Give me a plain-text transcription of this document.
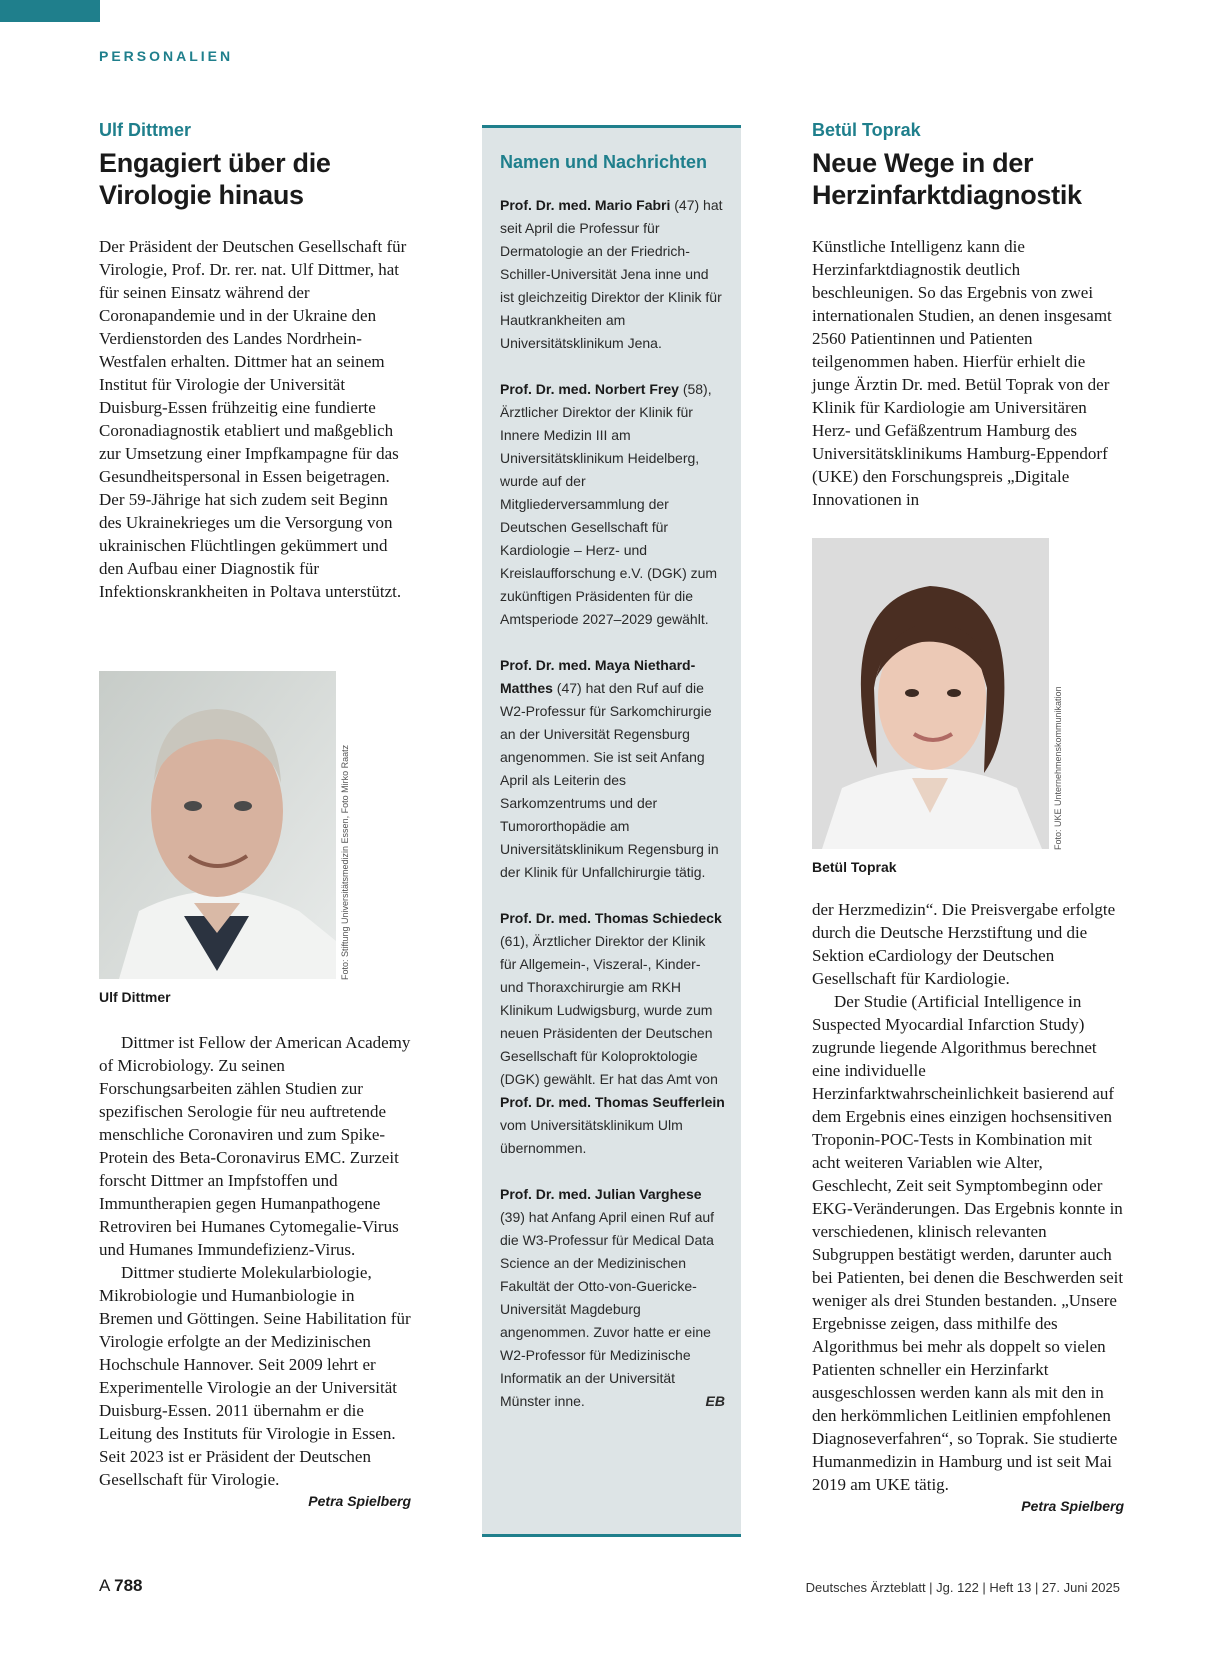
PERSONALIEN
Ulf Dittmer
Engagiert über die
Virologie hinaus

Der Präsident der Deutschen Gesellschaft für Virologie, Prof. Dr. rer. nat. Ulf Dittmer, hat für seinen Einsatz während der Coronapandemie und in der Ukraine den Verdienstorden des Landes Nordrhein-Westfalen erhalten. Dittmer hat an seinem Institut für Virologie der Universität Duisburg-Essen frühzeitig eine fundierte Coronadiagnostik etabliert und maßgeblich zur Umsetzung einer Impfkampagne für das Gesundheitspersonal in Essen beigetragen. Der 59-Jährige hat sich zudem seit Beginn des Ukrainekrieges um die Versorgung von ukrainischen Flüchtlingen gekümmert und den Aufbau einer Diagnostik für Infektionskrankheiten in Poltava unterstützt.

Foto: Stiftung Universitätsmedizin Essen, Foto Mirko Raatz
Ulf Dittmer

Dittmer ist Fellow der American Academy of Microbiology. Zu seinen Forschungsarbeiten zählen Studien zur spezifischen Serologie für neu auftretende menschliche Coronaviren und zum Spike-Protein des Beta-Coronavirus EMC. Zurzeit forscht Dittmer an Impfstoffen und Immuntherapien gegen Humanpathogene Retroviren bei Humanes Cytomegalie-Virus und Humanes Immundefizienz-Virus.

Dittmer studierte Molekularbiologie, Mikrobiologie und Humanbiologie in Bremen und Göttingen. Seine Habilitation für Virologie erfolgte an der Medizinischen Hochschule Hannover. Seit 2009 lehrt er Experimentelle Virologie an der Universität Duisburg-Essen. 2011 übernahm er die Leitung des Instituts für Virologie in Essen. Seit 2023 ist er Präsident der Deutschen Gesellschaft für Virologie.

Petra Spielberg
Namen und Nachrichten

Prof. Dr. med. Mario Fabri (47) hat seit April die Professur für Dermatologie an der Friedrich-Schiller-Universität Jena inne und ist gleichzeitig Direktor der Klinik für Hautkrankheiten am Universitätsklinikum Jena.

Prof. Dr. med. Norbert Frey (58), Ärztlicher Direktor der Klinik für Innere Medizin III am Universitätsklinikum Heidelberg, wurde auf der Mitgliederversammlung der Deutschen Gesellschaft für Kardiologie – Herz- und Kreislaufforschung e.V. (DGK) zum zukünftigen Präsidenten für die Amtsperiode 2027–2029 gewählt.

Prof. Dr. med. Maya Niethard-Matthes (47) hat den Ruf auf die W2-Professur für Sarkomchirurgie an der Universität Regensburg angenommen. Sie ist seit Anfang April als Leiterin des Sarkomzentrums und der Tumororthopädie am Universitätsklinikum Regensburg in der Klinik für Unfallchirurgie tätig.

Prof. Dr. med. Thomas Schiedeck (61), Ärztlicher Direktor der Klinik für Allgemein-, Viszeral-, Kinder- und Thoraxchirurgie am RKH Klinikum Ludwigsburg, wurde zum neuen Präsidenten der Deutschen Gesellschaft für Koloproktologie (DGK) gewählt. Er hat das Amt von Prof. Dr. med. Thomas Seufferlein vom Universitätsklinikum Ulm übernommen.

Prof. Dr. med. Julian Varghese (39) hat Anfang April einen Ruf auf die W3-Professur für Medical Data Science an der Medizinischen Fakultät der Otto-von-Guericke-Universität Magdeburg angenommen. Zuvor hatte er eine W2-Professor für Medizinische Informatik an der Universität Münster inne.	EB

Betül Toprak
Neue Wege in der
Herzinfarktdiagnostik

Künstliche Intelligenz kann die Herzinfarktdiagnostik deutlich beschleunigen. So das Ergebnis von zwei internationalen Studien, an denen insgesamt 2560 Patientinnen und Patienten teilgenommen haben. Hierfür erhielt die junge Ärztin Dr. med. Betül Toprak von der Klinik für Kardiologie am Universitären Herz- und Gefäßzentrum Hamburg des Universitätsklinikums Hamburg-Eppendorf (UKE) den Forschungspreis „Digitale Innovationen in

Foto: UKE Unternehmenskommunikation
Betül Toprak

der Herzmedizin“. Die Preisvergabe erfolgte durch die Deutsche Herzstiftung und die Sektion eCardiology der Deutschen Gesellschaft für Kardiologie.

Der Studie (Artificial Intelligence in Suspected Myocardial Infarction Study) zugrunde liegende Algorithmus berechnet eine individuelle Herzinfarktwahrscheinlichkeit basierend auf dem Ergebnis eines einzigen hochsensitiven Troponin-POC-Tests in Kombination mit acht weiteren Variablen wie Alter, Geschlecht, Zeit seit Symptombeginn oder EKG-Veränderungen. Das Ergebnis konnte in verschiedenen, klinisch relevanten Subgruppen bestätigt werden, darunter auch bei Patienten, bei denen die Beschwerden seit weniger als drei Stunden bestanden. „Unsere Ergebnisse zeigen, dass mithilfe des Algorithmus bei mehr als doppelt so vielen Patienten schneller ein Herzinfarkt ausgeschlossen werden kann als mit den in den herkömmlichen Leitlinien empfohlenen Diagnoseverfahren“, so Toprak. Sie studierte Humanmedizin in Hamburg und ist seit Mai 2019 am UKE tätig.

Petra Spielberg
A 788	Deutsches Ärzteblatt | Jg. 122 | Heft 13 | 27. Juni 2025
